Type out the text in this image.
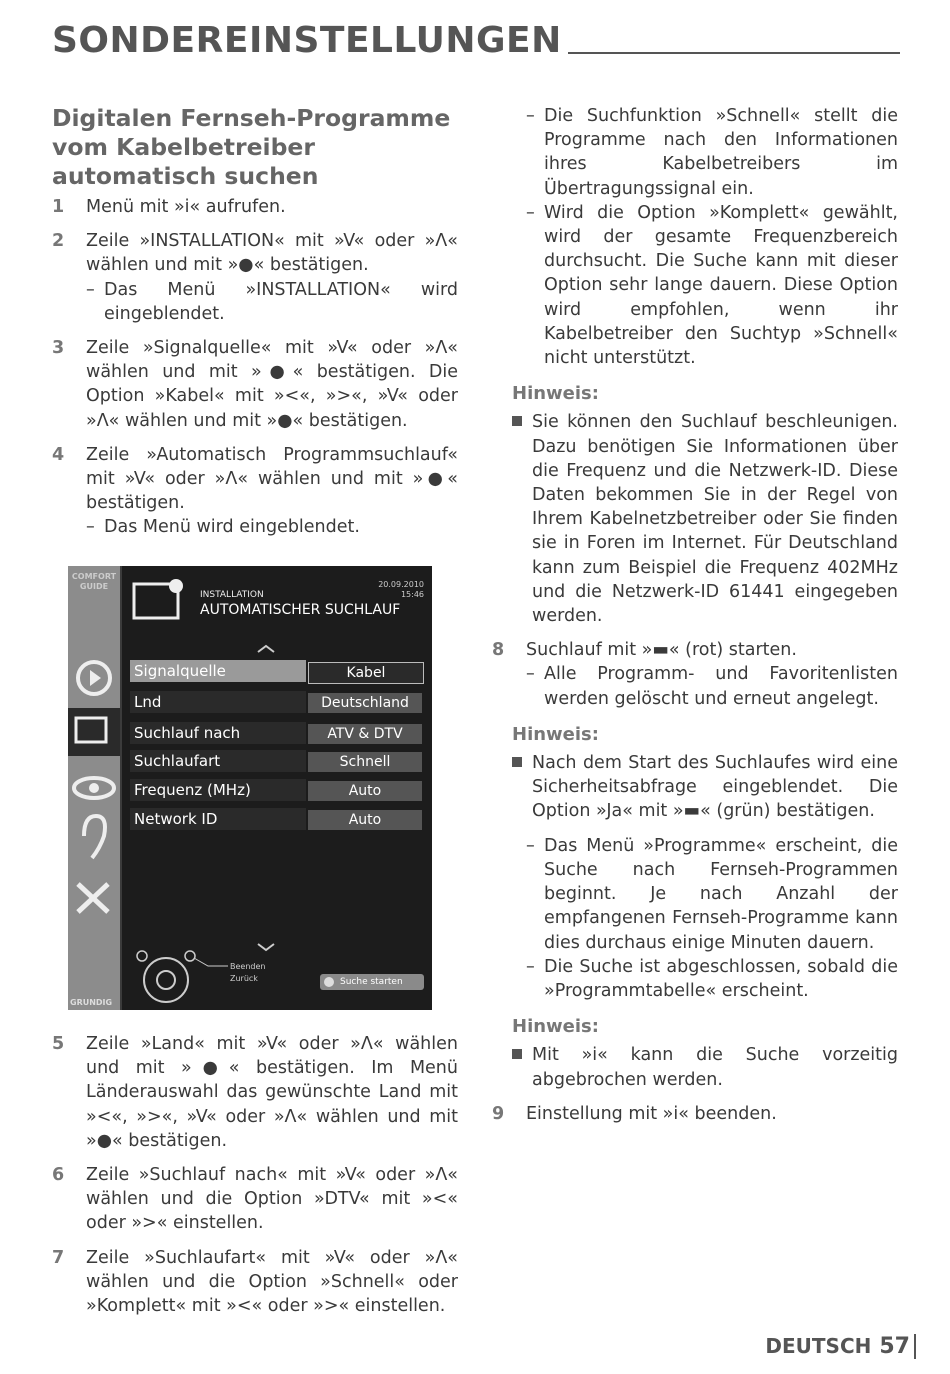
SONDEREINSTELLUNGEN
Digitalen Fernseh-Programme vom Kabelbetreiber automatisch suchen
1 Menü mit »i« aufrufen.

2 Zeile »INSTALLATION« mit »V« oder »Λ« wählen und mit »●« bestätigen.

– Das Menü »INSTALLATION« wird eingeblendet.
3 Zeile »Signalquelle« mit »V« oder »Λ« wählen und mit »●« bestätigen. Die Option »Kabel« mit »<«, »>«, »V« oder »Λ« wählen und mit »●« bestätigen.

4 Zeile »Automatisch Programmsuchlauf« mit »V« oder »Λ« wählen und mit »●« bestätigen.

– Das Menü wird eingeblendet.
COMFORT GUIDE
GRUNDIG
INSTALLATION
AUTOMATISCHER SUCHLAUF
20.09.2010
15:46
Signalquelle	Kabel
Lnd	Deutschland
Suchlauf nach	ATV & DTV
Suchlaufart	Schnell
Frequenz (MHz)	Auto
Network ID	Auto
Beenden
Zurück	Suche starten
5 Zeile »Land« mit »V« oder »Λ« wählen und mit »●« bestätigen. Im Menü Länderauswahl das gewünschte Land mit »<«, »>«, »V« oder »Λ« wählen und mit »●« bestätigen.

6 Zeile »Suchlauf nach« mit »V« oder »Λ« wählen und die Option »DTV« mit »<« oder »>« einstellen.

7 Zeile »Suchlaufart« mit »V« oder »Λ« wählen und die Option »Schnell« oder »Komplett« mit »<« oder »>« einstellen.

– Die Suchfunktion »Schnell« stellt die Programme nach den Informationen ihres Kabelbetreibers im Übertragungssignal ein.
– Wird die Option »Komplett« gewählt, wird der gesamte Frequenzbereich durchsucht. Die Suche kann mit dieser Option sehr lange dauern. Diese Option wird empfohlen, wenn ihr Kabelbetreiber den Suchtyp »Schnell« nicht unterstützt.
Hinweis:
Sie können den Suchlauf beschleunigen. Dazu benötigen Sie Informationen über die Frequenz und die Netzwerk-ID. Diese Daten bekommen Sie in der Regel von Ihrem Kabelnetzbetreiber oder Sie finden sie in Foren im Internet. Für Deutschland kann zum Beispiel die Frequenz 402MHz und die Netzwerk-ID 61441 eingegeben werden.
8 Suchlauf mit »▬« (rot) starten.

– Alle Programm- und Favoritenlisten werden gelöscht und erneut angelegt.
Hinweis:
Nach dem Start des Suchlaufes wird eine Sicherheitsabfrage eingeblendet. Die Option »Ja« mit »▬« (grün) bestätigen.
– Das Menü »Programme« erscheint, die Suche nach Fernseh-Programmen beginnt. Je nach Anzahl der empfangenen Fernseh-Programme kann dies durchaus einige Minuten dauern.
– Die Suche ist abgeschlossen, sobald die »Programmtabelle« erscheint.
Hinweis:
Mit »i« kann die Suche vorzeitig abgebrochen werden.
9 Einstellung mit »i« beenden.

DEUTSCH 57
